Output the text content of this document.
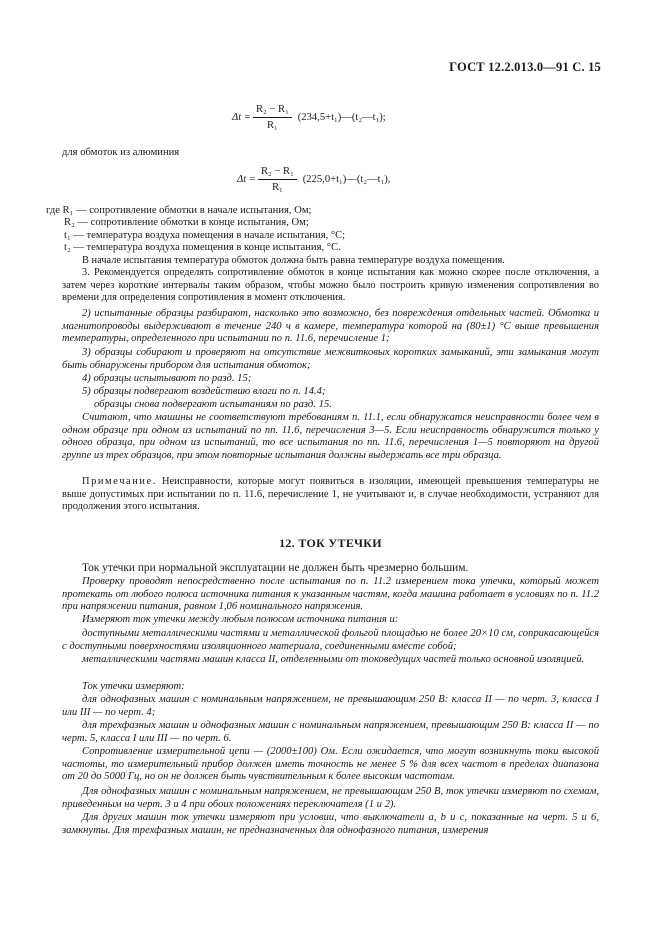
ГОСТ 12.2.013.0—91 С. 15
$\Delta t = \frac{\text{R₂ − R₁}}{\text{R₁}}$ (234,5+t₁)—(t₂—t₁);
для обмоток из алюминия
$\Delta t = \frac{\text{R₂ − R₁}}{\text{R₁}}$ (225,0+t₁)—(t₂—t₁),
где R₁ — сопротивление обмотки в начале испытания, Ом;
R₂ — сопротивление обмотки в конце испытания, Ом;
t₁ — температура воздуха помещения в начале испытания, °С;
t₂ — температура воздуха помещения в конце испытания, °С.
В начале испытания температура обмоток должна быть равна температуре воздуха помещения.
3. Рекомендуется определять сопротивление обмоток в конце испытания как можно скорее после отключения, а затем через короткие интервалы таким образом, чтобы можно было построить кривую изменения сопротивления во времени для определения сопротивления в момент отключения.
2) испытанные образцы разбирают, насколько это возможно, без повреждения отдельных частей. Обмотка и магнитопроводы выдерживают в течение 240 ч в камере, температура которой на (80±1) °С выше превышения температуры, определенного при испытании по п. 11.6, перечисление 1;
3) образцы собирают и проверяют на отсутствие межвитковых коротких замыканий, эти замыкания могут быть обнаружены прибором для испытания обмоток;
4) образцы испытывают по разд. 15;
5) образцы подвергают воздействию влаги по п. 14.4;
образцы снова подвергают испытаниям по разд. 15.
Считают, что машины не соответствуют требованиям п. 11.1, если обнаружатся неисправности более чем в одном образце при одном из испытаний по пп. 11.6, перечисления 3—5. Если неисправность обнаружится только у одного образца, при одном из испытаний, то все испытания по пп. 11.6, перечисления 1—5 повторяют на другой группе из трех образцов, при этом повторные испытания должны выдержать все три образца.
Примечание. Неисправности, которые могут появиться в изоляции, имеющей превышения температуры не выше допустимых при испытании по п. 11.6, перечисление 1, не учитывают и, в случае необходимости, устраняют для продолжения этого испытания.
12. ТОК УТЕЧКИ
Ток утечки при нормальной эксплуатации не должен быть чрезмерно большим.
Проверку проводят непосредственно после испытания по п. 11.2 измерением тока утечки, который может протекать от любого полюса источника питания к указанным частям, когда машина работает в условиях по п. 11.2 при напряжении питания, равном 1,06 номинального напряжения.
Измеряют ток утечки между любым полюсом источника питания и:
доступными металлическими частями и металлической фольгой площадью не более 20×10 см, соприкасающейся с доступными поверхностями изоляционного материала, соединенными вместе собой;
металлическими частями машин класса II, отделенными от токоведущих частей только основной изоляцией.
Ток утечки измеряют:
для однофазных машин с номинальным напряжением, не превышающим 250 В: класса II — по черт. 3, класса I или III — по черт. 4;
для трехфазных машин и однофазных машин с номинальным напряжением, превышающим 250 В: класса II — по черт. 5, класса I или III — по черт. 6.
Сопротивление измерительной цепи — (2000±100) Ом. Если ожидается, что могут возникнуть токи высокой частоты, то измерительный прибор должен иметь точность не менее 5 % для всех частот в пределах диапазона от 20 до 5000 Гц, но он не должен быть чувствительным к более высоким частотам.
Для однофазных машин с номинальным напряжением, не превышающим 250 В, ток утечки измеряют по схемам, приведенным на черт. 3 и 4 при обоих положениях переключателя (1 и 2).
Для других машин ток утечки измеряют при условии, что выключатели a, b и c, показанные на черт. 5 и 6, замкнуты. Для трехфазных машин, не предназначенных для однофазного питания, измерения
